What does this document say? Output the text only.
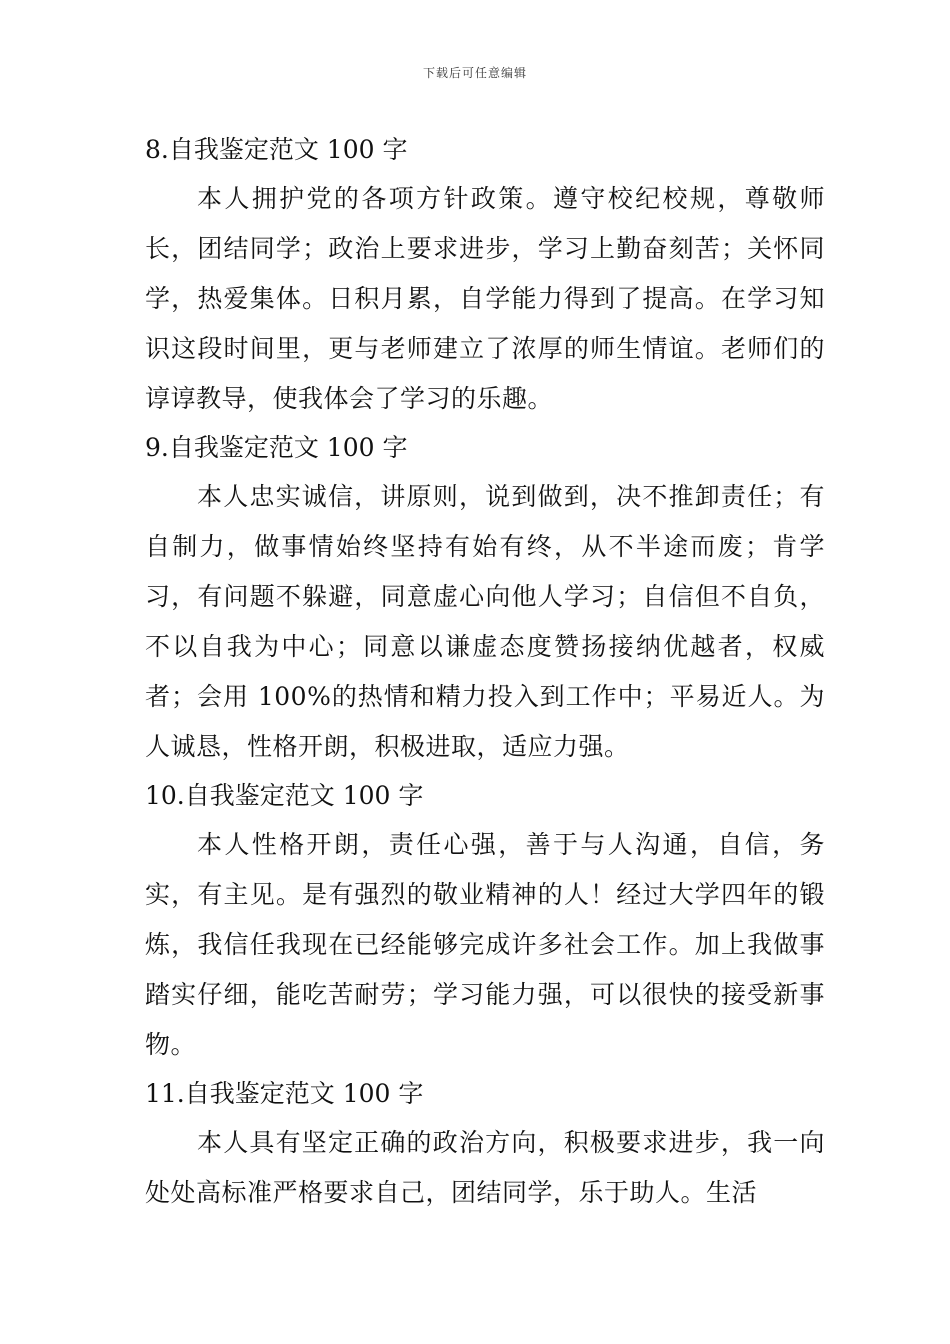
下载后可任意编辑
8.自我鉴定范文 100 字
本人拥护党的各项方针政策。遵守校纪校规，尊敬师长，团结同学；政治上要求进步，学习上勤奋刻苦；关怀同学，热爱集体。日积月累，自学能力得到了提高。在学习知识这段时间里，更与老师建立了浓厚的师生情谊。老师们的谆谆教导，使我体会了学习的乐趣。
9.自我鉴定范文 100 字
本人忠实诚信，讲原则，说到做到，决不推卸责任；有自制力，做事情始终坚持有始有终，从不半途而废；肯学习，有问题不躲避，同意虚心向他人学习；自信但不自负，不以自我为中心；同意以谦虚态度赞扬接纳优越者，权威者；会用 100%的热情和精力投入到工作中；平易近人。为人诚恳，性格开朗，积极进取，适应力强。
10.自我鉴定范文 100 字
本人性格开朗，责任心强，善于与人沟通，自信，务实，有主见。是有强烈的敬业精神的人！经过大学四年的锻炼，我信任我现在已经能够完成许多社会工作。加上我做事踏实仔细，能吃苦耐劳；学习能力强，可以很快的接受新事物。
11.自我鉴定范文 100 字
本人具有坚定正确的政治方向，积极要求进步，我一向处处高标准严格要求自己，团结同学，乐于助人。生活
